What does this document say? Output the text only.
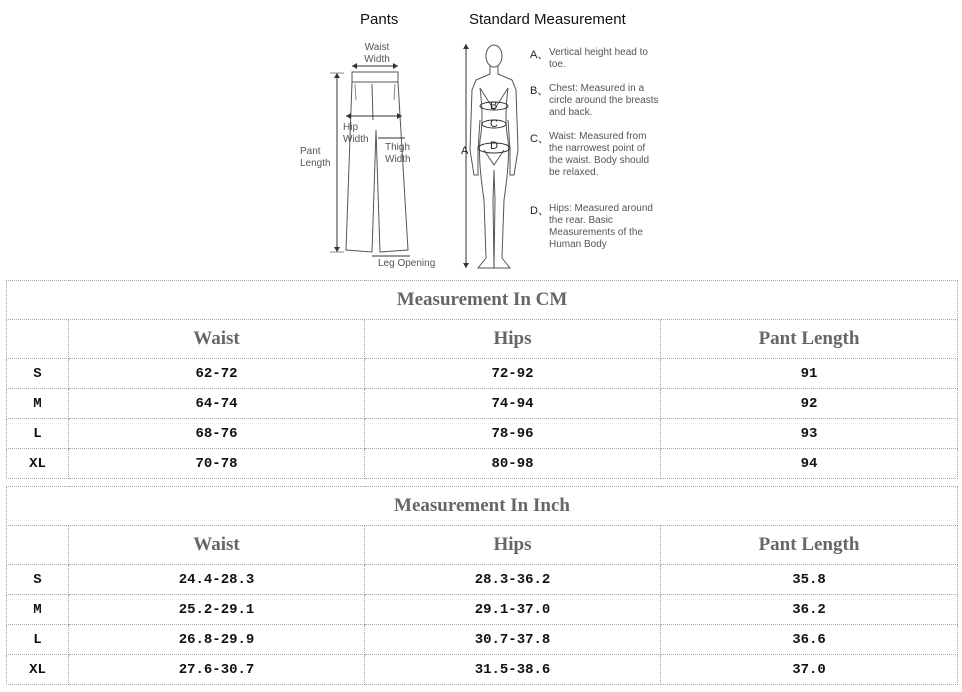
Pants	Standard Measurement
Waist Width
Hip Width
Thigh Width
Pant Length
Leg Opening
A
B
C
D
A、 Vertical height head to toe.
B、 Chest: Measured in a circle around the breasts and back.
C、 Waist: Measured from the narrowest point of the waist. Body should be relaxed.
D、 Hips: Measured around the rear. Basic Measurements of the Human Body
Measurement In CM			
	Waist	Hips	Pant Length
S	62-72	72-92	91
M	64-74	74-94	92
L	68-76	78-96	93
XL	70-78	80-98	94
Measurement In Inch			
	Waist	Hips	Pant Length
S	24.4-28.3	28.3-36.2	35.8
M	25.2-29.1	29.1-37.0	36.2
L	26.8-29.9	30.7-37.8	36.6
XL	27.6-30.7	31.5-38.6	37.0
